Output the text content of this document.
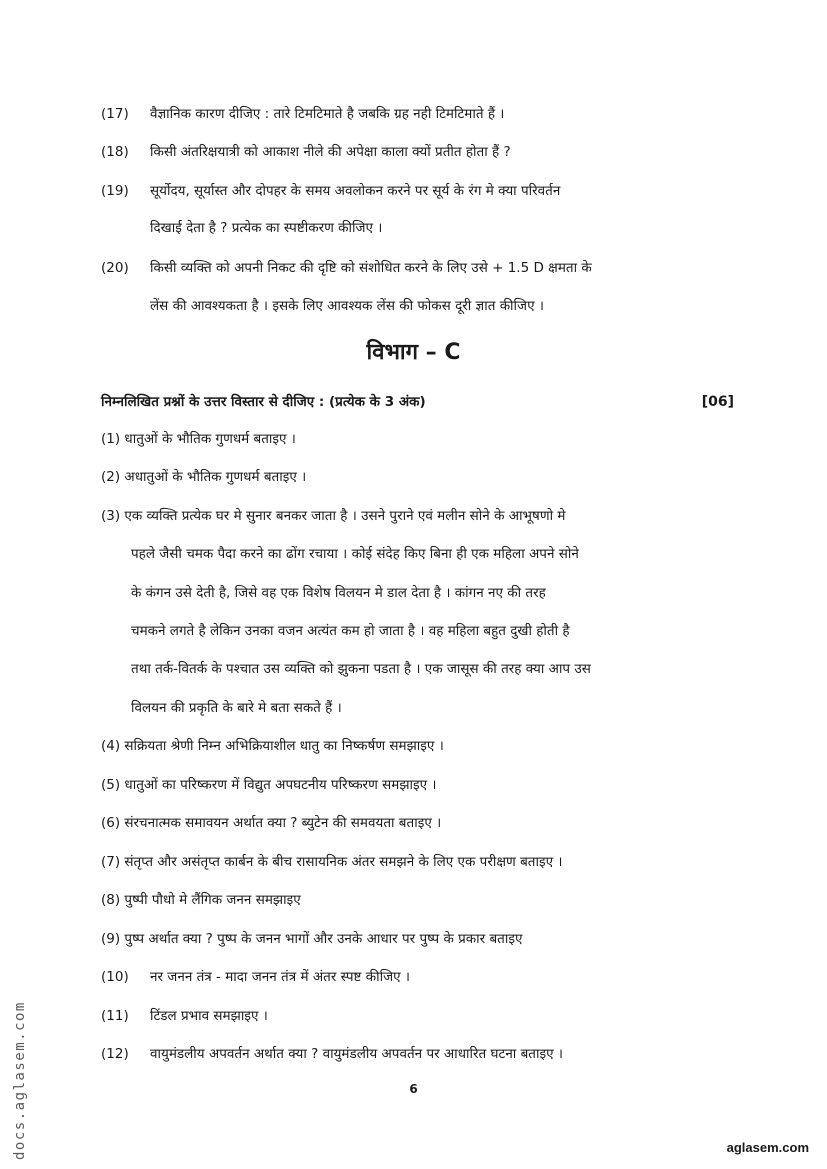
(17) वैज्ञानिक कारण दीजिए : तारे टिमटिमाते है जबकि ग्रह नही टिमटिमाते हैं ।
(18) किसी अंतरिक्षयात्री को आकाश नीले की अपेक्षा काला क्यों प्रतीत होता हैं ?
(19) सूर्योदय, सूर्यास्त और दोपहर के समय अवलोकन करने पर सूर्य के रंग मे क्या परिवर्तन
दिखाई देता है ? प्रत्येक का स्पष्टीकरण कीजिए ।
(20) किसी व्यक्ति को अपनी निकट की दृष्टि को संशोधित करने के लिए उसे + 1.5 D क्षमता के
लेंस की आवश्यकता है । इसके लिए आवश्यक लेंस की फोकस दूरी ज्ञात कीजिए ।
विभाग – C
निम्नलिखित प्रश्नों के उत्तर विस्तार से दीजिए : (प्रत्येक के 3 अंक)	[06]
(1) धातुओं के भौतिक गुणधर्म बताइए ।
(2) अधातुओं के भौतिक गुणधर्म बताइए ।
(3) एक व्यक्ति प्रत्येक घर मे सुनार बनकर जाता है । उसने पुराने एवं मलीन सोने के आभूषणो मे
पहले जैसी चमक पैदा करने का ढोंग रचाया । कोई संदेह किए बिना ही एक महिला अपने सोने
के कंगन उसे देती है, जिसे वह एक विशेष विलयन मे डाल देता है । कांगन नए की तरह
चमकने लगते है लेकिन उनका वजन अत्यंत कम हो जाता है । वह महिला बहुत दुखी होती है
तथा तर्क-वितर्क के पश्चात उस व्यक्ति को झुकना पडता है । एक जासूस की तरह क्या आप उस
विलयन की प्रकृति के बारे मे बता सकते हैं ।
(4) सक्रियता श्रेणी निम्न अभिक्रियाशील धातु का निष्कर्षण समझाइए ।
(5) धातुओं का परिष्करण में विद्युत अपघटनीय परिष्करण समझाइए ।
(6) संरचनात्मक समावयन अर्थात क्या ? ब्युटेन की समवयता बताइए ।
(7) संतृप्त और असंतृप्त कार्बन के बीच रासायनिक अंतर समझने के लिए एक परीक्षण बताइए ।
(8) पुष्पी पौधो मे लैंगिक जनन समझाइए
(9) पुष्प अर्थात क्या ? पुष्प के जनन भागों और उनके आधार पर पुष्प के प्रकार बताइए
(10) नर जनन तंत्र - मादा जनन तंत्र में अंतर स्पष्ट कीजिए ।
(11) टिंडल प्रभाव समझाइए ।
(12) वायुमंडलीय अपवर्तन अर्थात क्या ? वायुमंडलीय अपवर्तन पर आधारित घटना बताइए ।
6
docs.aglasem.com	aglasem.com
